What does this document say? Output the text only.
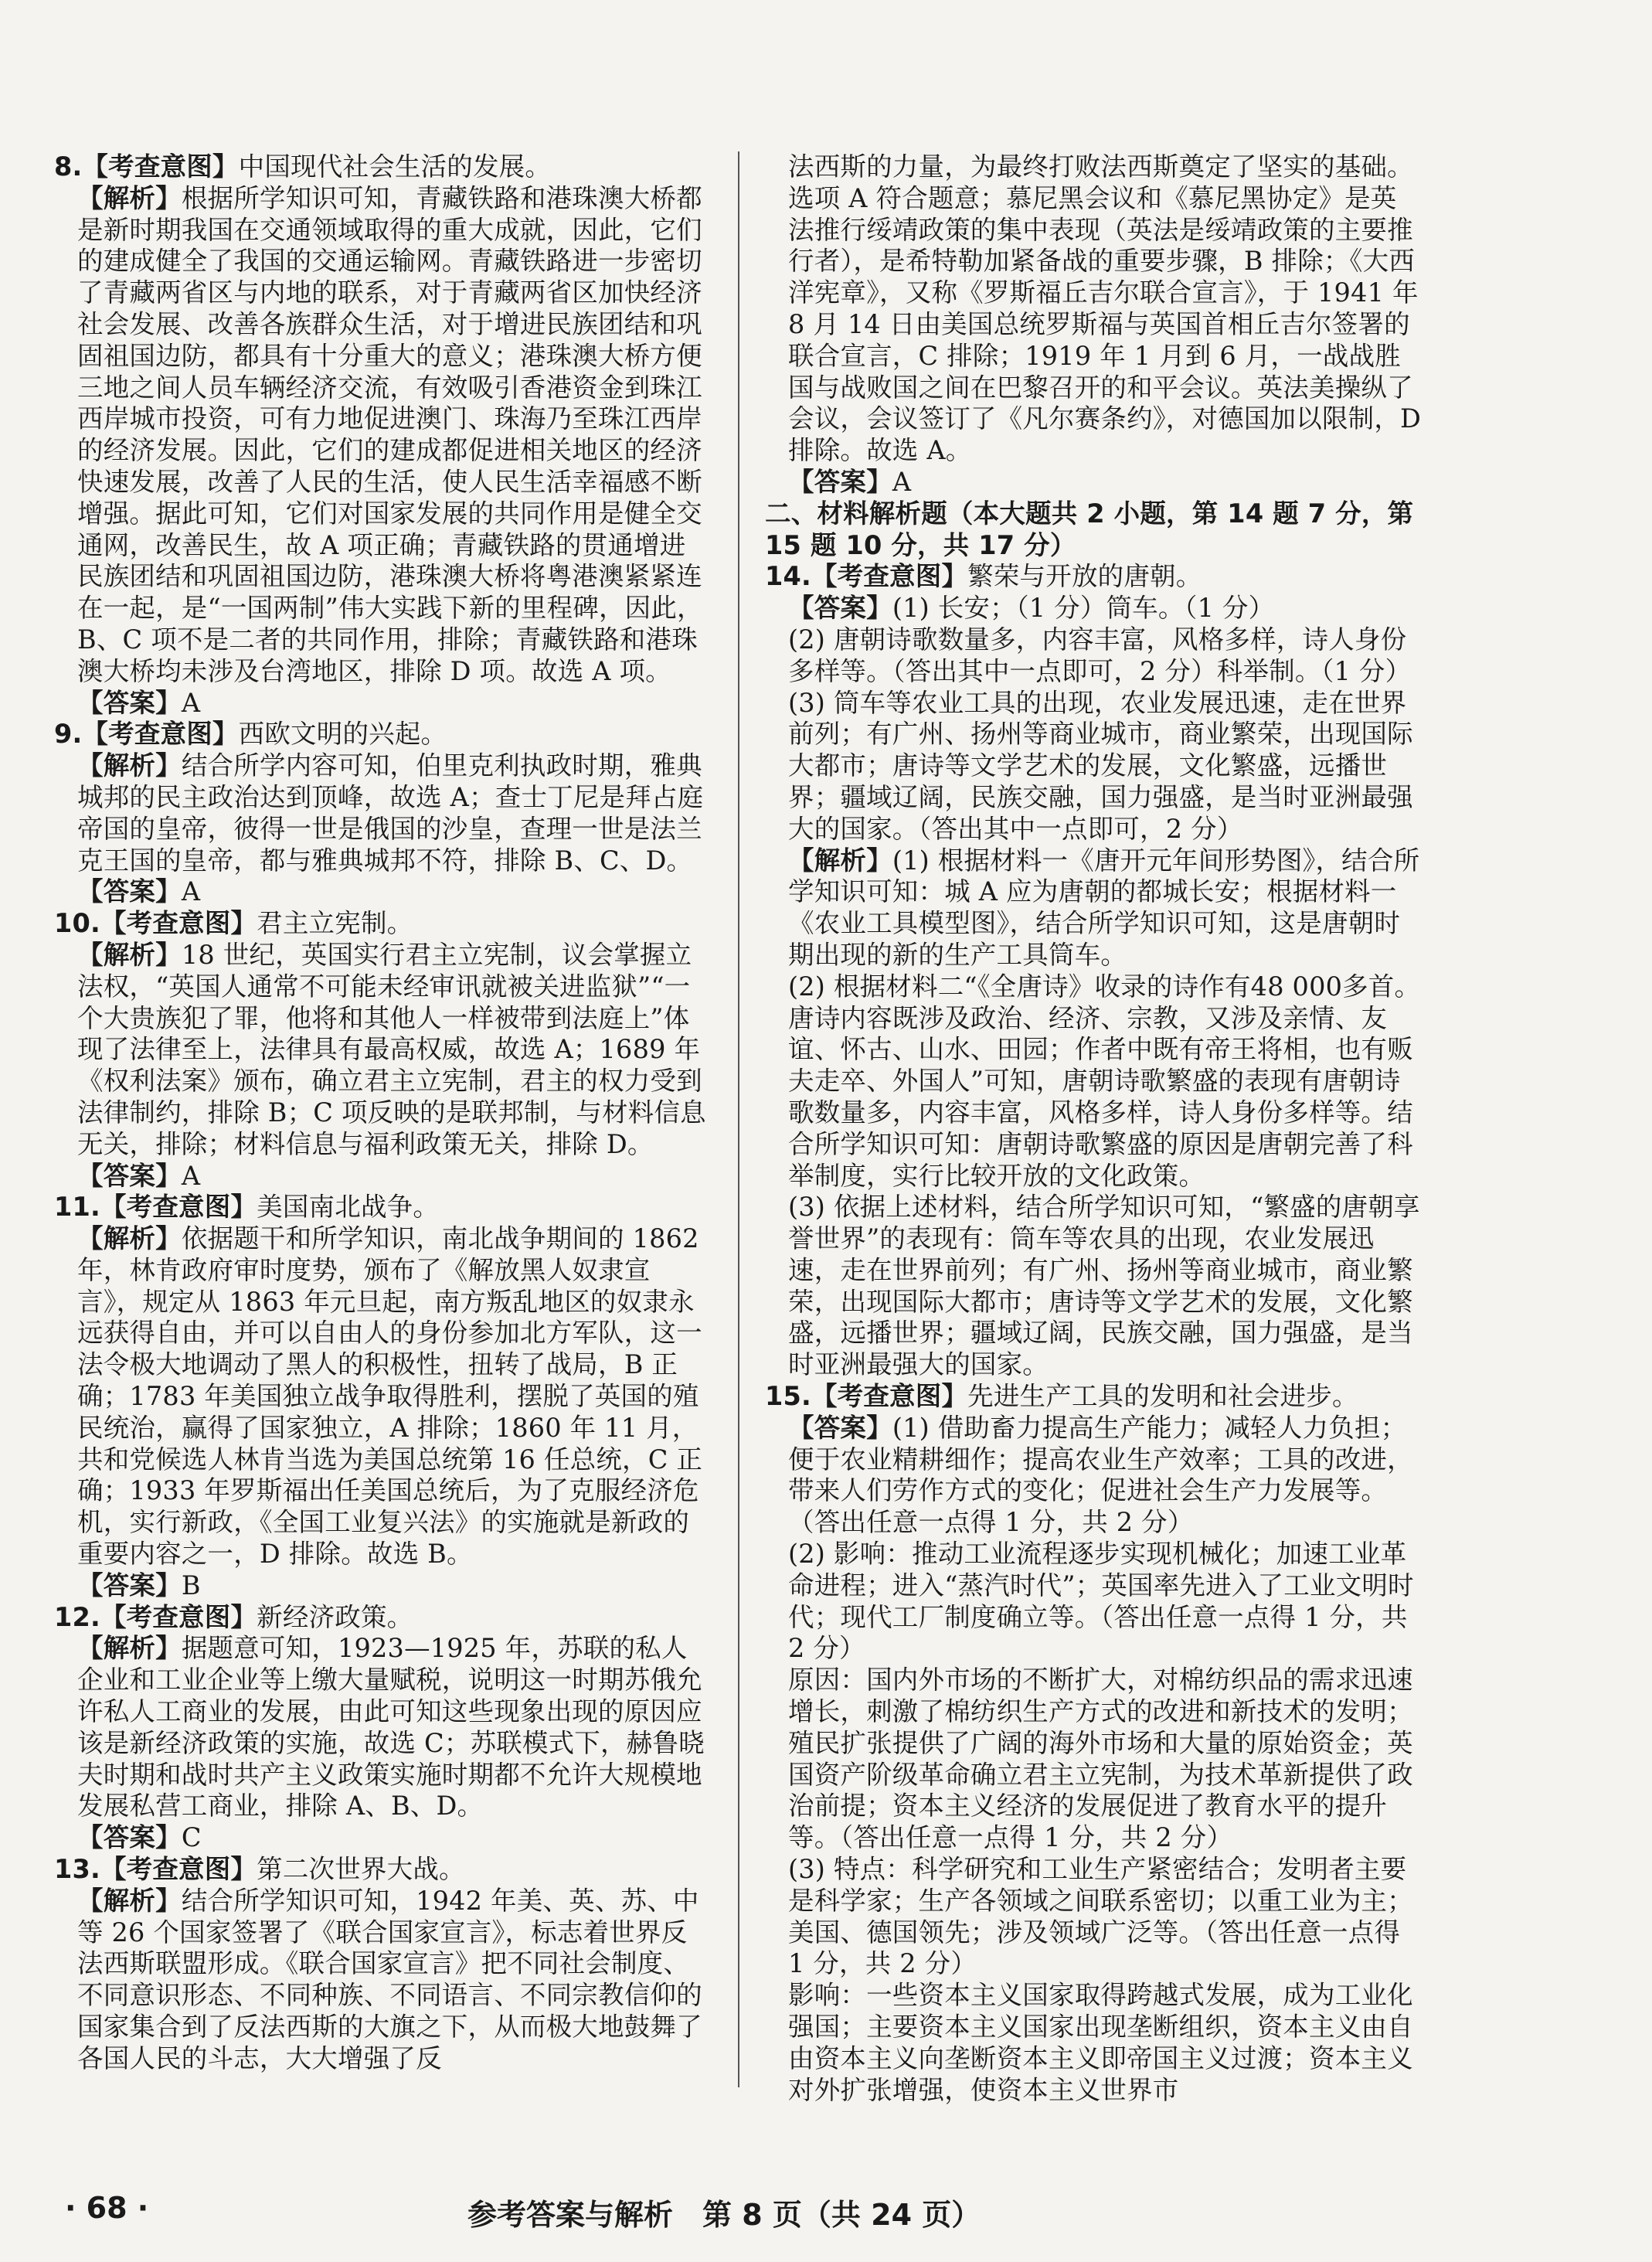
8.【考查意图】中国现代社会生活的发展。

【解析】根据所学知识可知，青藏铁路和港珠澳大桥都是新时期我国在交通领域取得的重大成就，因此，它们的建成健全了我国的交通运输网。青藏铁路进一步密切了青藏两省区与内地的联系，对于青藏两省区加快经济社会发展、改善各族群众生活，对于增进民族团结和巩固祖国边防，都具有十分重大的意义；港珠澳大桥方便三地之间人员车辆经济交流，有效吸引香港资金到珠江西岸城市投资，可有力地促进澳门、珠海乃至珠江西岸的经济发展。因此，它们的建成都促进相关地区的经济快速发展，改善了人民的生活，使人民生活幸福感不断增强。据此可知，它们对国家发展的共同作用是健全交通网，改善民生，故 A 项正确；青藏铁路的贯通增进民族团结和巩固祖国边防，港珠澳大桥将粤港澳紧紧连在一起，是“一国两制”伟大实践下新的里程碑，因此，B、C 项不是二者的共同作用，排除；青藏铁路和港珠澳大桥均未涉及台湾地区，排除 D 项。故选 A 项。

【答案】A

9.【考查意图】西欧文明的兴起。

【解析】结合所学内容可知，伯里克利执政时期，雅典城邦的民主政治达到顶峰，故选 A；查士丁尼是拜占庭帝国的皇帝，彼得一世是俄国的沙皇，查理一世是法兰克王国的皇帝，都与雅典城邦不符，排除 B、C、D。

【答案】A

10.【考查意图】君主立宪制。

【解析】18 世纪，英国实行君主立宪制，议会掌握立法权，“英国人通常不可能未经审讯就被关进监狱”“一个大贵族犯了罪，他将和其他人一样被带到法庭上”体现了法律至上，法律具有最高权威，故选 A；1689 年《权利法案》颁布，确立君主立宪制，君主的权力受到法律制约，排除 B；C 项反映的是联邦制，与材料信息无关，排除；材料信息与福利政策无关，排除 D。

【答案】A

11.【考查意图】美国南北战争。

【解析】依据题干和所学知识，南北战争期间的 1862 年，林肯政府审时度势，颁布了《解放黑人奴隶宣言》，规定从 1863 年元旦起，南方叛乱地区的奴隶永远获得自由，并可以自由人的身份参加北方军队，这一法令极大地调动了黑人的积极性，扭转了战局，B 正确；1783 年美国独立战争取得胜利，摆脱了英国的殖民统治，赢得了国家独立，A 排除；1860 年 11 月，共和党候选人林肯当选为美国总统第 16 任总统，C 正确；1933 年罗斯福出任美国总统后，为了克服经济危机，实行新政，《全国工业复兴法》的实施就是新政的重要内容之一，D 排除。故选 B。

【答案】B

12.【考查意图】新经济政策。

【解析】据题意可知，1923—1925 年，苏联的私人企业和工业企业等上缴大量赋税，说明这一时期苏俄允许私人工商业的发展，由此可知这些现象出现的原因应该是新经济政策的实施，故选 C；苏联模式下，赫鲁晓夫时期和战时共产主义政策实施时期都不允许大规模地发展私营工商业，排除 A、B、D。

【答案】C

13.【考查意图】第二次世界大战。

【解析】结合所学知识可知，1942 年美、英、苏、中等 26 个国家签署了《联合国家宣言》，标志着世界反法西斯联盟形成。《联合国家宣言》把不同社会制度、不同意识形态、不同种族、不同语言、不同宗教信仰的国家集合到了反法西斯的大旗之下，从而极大地鼓舞了各国人民的斗志，大大增强了反

法西斯的力量，为最终打败法西斯奠定了坚实的基础。选项 A 符合题意；慕尼黑会议和《慕尼黑协定》是英法推行绥靖政策的集中表现（英法是绥靖政策的主要推行者），是希特勒加紧备战的重要步骤，B 排除；《大西洋宪章》，又称《罗斯福丘吉尔联合宣言》，于 1941 年 8 月 14 日由美国总统罗斯福与英国首相丘吉尔签署的联合宣言，C 排除；1919 年 1 月到 6 月，一战战胜国与战败国之间在巴黎召开的和平会议。英法美操纵了会议，会议签订了《凡尔赛条约》，对德国加以限制，D 排除。故选 A。

【答案】A

二、材料解析题（本大题共 2 小题，第 14 题 7 分，第 15 题 10 分，共 17 分）

14.【考查意图】繁荣与开放的唐朝。

【答案】(1) 长安；（1 分）筒车。（1 分）

(2) 唐朝诗歌数量多，内容丰富，风格多样，诗人身份多样等。（答出其中一点即可，2 分）科举制。（1 分）

(3) 筒车等农业工具的出现，农业发展迅速，走在世界前列；有广州、扬州等商业城市，商业繁荣，出现国际大都市；唐诗等文学艺术的发展，文化繁盛，远播世界；疆域辽阔，民族交融，国力强盛，是当时亚洲最强大的国家。（答出其中一点即可，2 分）

【解析】(1) 根据材料一《唐开元年间形势图》，结合所学知识可知：城 A 应为唐朝的都城长安；根据材料一《农业工具模型图》，结合所学知识可知，这是唐朝时期出现的新的生产工具筒车。

(2) 根据材料二“《全唐诗》收录的诗作有48 000多首。唐诗内容既涉及政治、经济、宗教，又涉及亲情、友谊、怀古、山水、田园；作者中既有帝王将相，也有贩夫走卒、外国人”可知，唐朝诗歌繁盛的表现有唐朝诗歌数量多，内容丰富，风格多样，诗人身份多样等。结合所学知识可知：唐朝诗歌繁盛的原因是唐朝完善了科举制度，实行比较开放的文化政策。

(3) 依据上述材料，结合所学知识可知，“繁盛的唐朝享誉世界”的表现有：筒车等农具的出现，农业发展迅速，走在世界前列；有广州、扬州等商业城市，商业繁荣，出现国际大都市；唐诗等文学艺术的发展，文化繁盛，远播世界；疆域辽阔，民族交融，国力强盛，是当时亚洲最强大的国家。

15.【考查意图】先进生产工具的发明和社会进步。

【答案】(1) 借助畜力提高生产能力；减轻人力负担；便于农业精耕细作；提高农业生产效率；工具的改进，带来人们劳作方式的变化；促进社会生产力发展等。（答出任意一点得 1 分，共 2 分）

(2) 影响：推动工业流程逐步实现机械化；加速工业革命进程；进入“蒸汽时代”；英国率先进入了工业文明时代；现代工厂制度确立等。（答出任意一点得 1 分，共 2 分）

原因：国内外市场的不断扩大，对棉纺织品的需求迅速增长，刺激了棉纺织生产方式的改进和新技术的发明；殖民扩张提供了广阔的海外市场和大量的原始资金；英国资产阶级革命确立君主立宪制，为技术革新提供了政治前提；资本主义经济的发展促进了教育水平的提升等。（答出任意一点得 1 分，共 2 分）

(3) 特点：科学研究和工业生产紧密结合；发明者主要是科学家；生产各领域之间联系密切；以重工业为主；美国、德国领先；涉及领域广泛等。（答出任意一点得 1 分，共 2 分）

影响：一些资本主义国家取得跨越式发展，成为工业化强国；主要资本主义国家出现垄断组织，资本主义由自由资本主义向垄断资本主义即帝国主义过渡；资本主义对外扩张增强，使资本主义世界市

· 68 ·	参考答案与解析　第 8 页（共 24 页）
